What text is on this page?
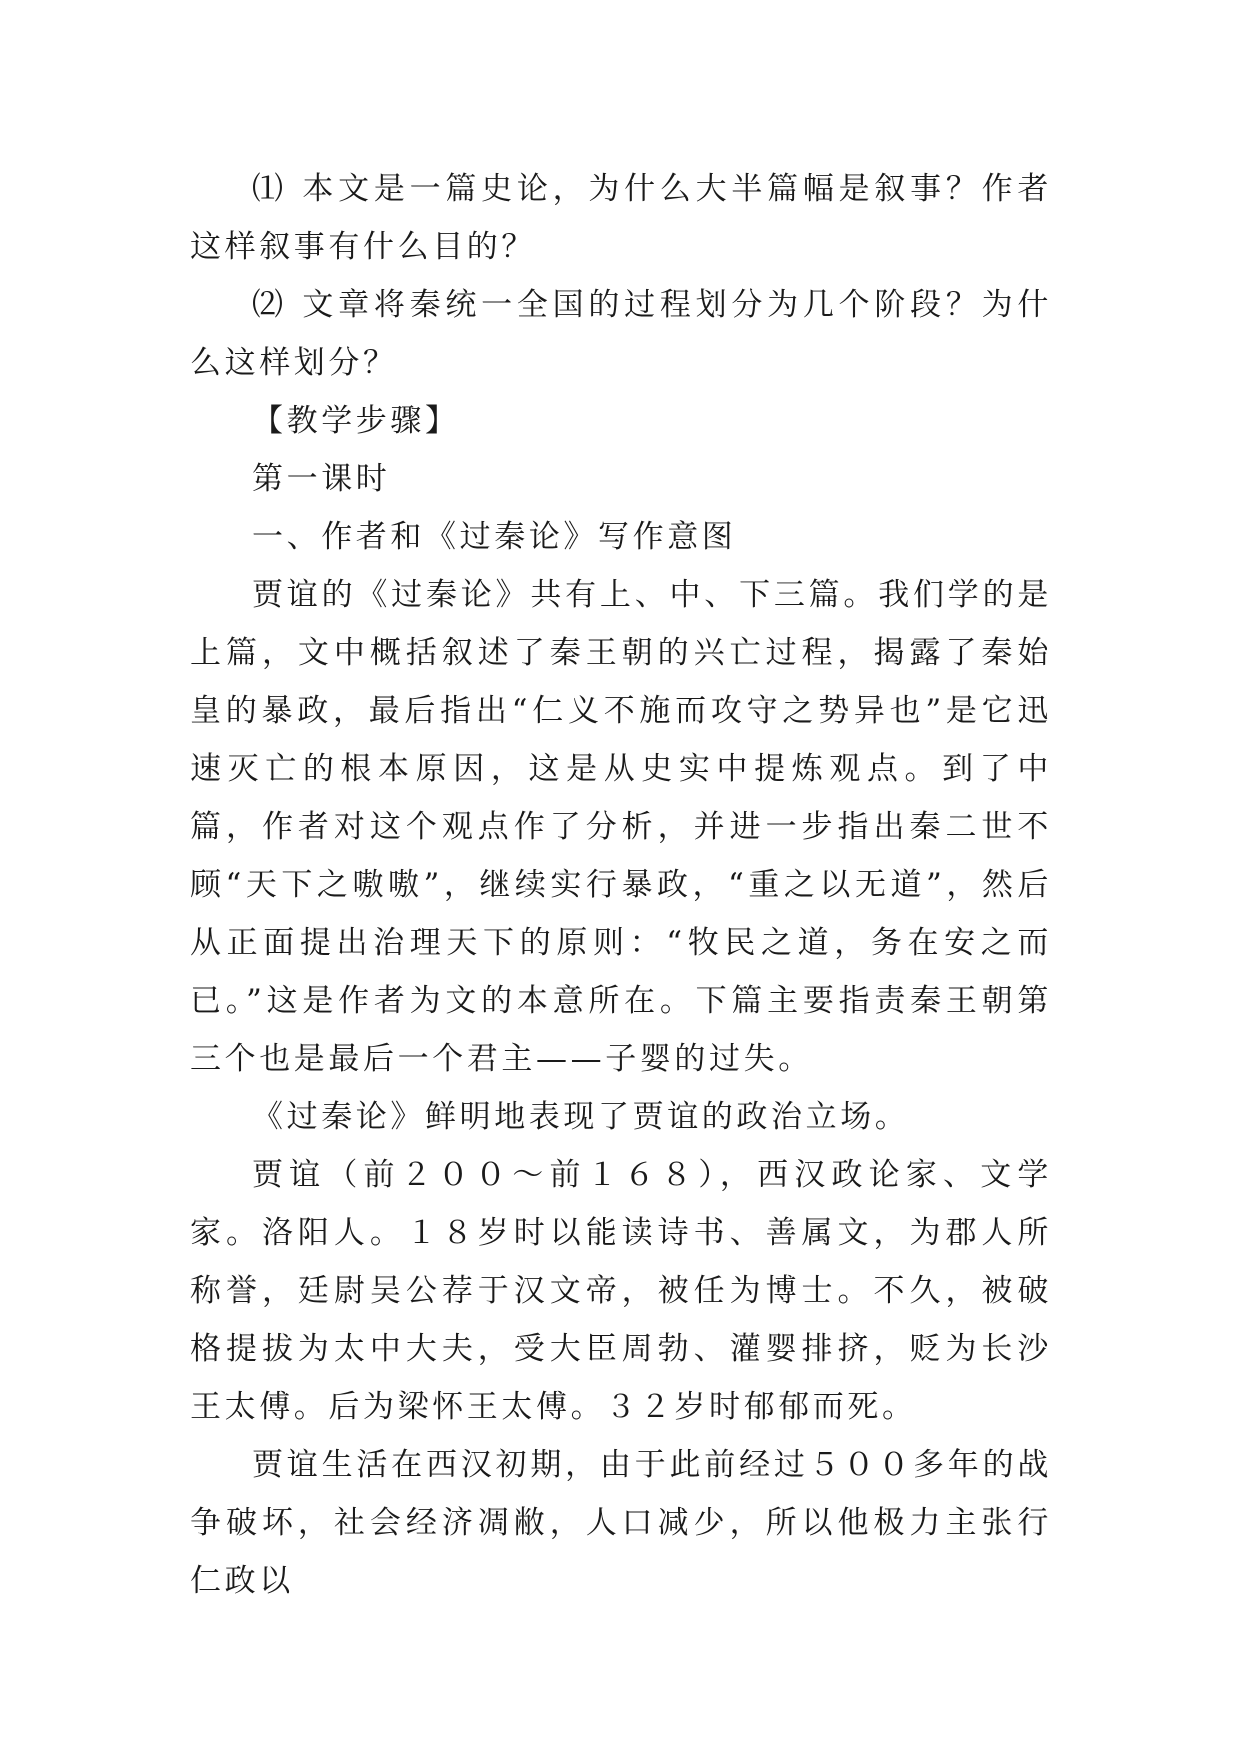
⑴ 本文是一篇史论，为什么大半篇幅是叙事？作者这样叙事有什么目的？

⑵ 文章将秦统一全国的过程划分为几个阶段？为什么这样划分？

【教学步骤】

第一课时

一、作者和《过秦论》写作意图

贾谊的《过秦论》共有上、中、下三篇。我们学的是上篇，文中概括叙述了秦王朝的兴亡过程，揭露了秦始皇的暴政，最后指出“仁义不施而攻守之势异也”是它迅速灭亡的根本原因，这是从史实中提炼观点。到了中篇，作者对这个观点作了分析，并进一步指出秦二世不顾“天下之嗷嗷”，继续实行暴政，“重之以无道”，然后从正面提出治理天下的原则：“牧民之道，务在安之而已。”这是作者为文的本意所在。下篇主要指责秦王朝第三个也是最后一个君主——子婴的过失。

《过秦论》鲜明地表现了贾谊的政治立场。

贾谊（前２００～前１６８），西汉政论家、文学家。洛阳人。１８岁时以能读诗书、善属文，为郡人所称誉，廷尉吴公荐于汉文帝，被任为博士。不久，被破格提拔为太中大夫，受大臣周勃、灌婴排挤，贬为长沙王太傅。后为梁怀王太傅。３２岁时郁郁而死。

贾谊生活在西汉初期，由于此前经过５００多年的战争破坏，社会经济凋敝，人口减少，所以他极力主张行仁政以
